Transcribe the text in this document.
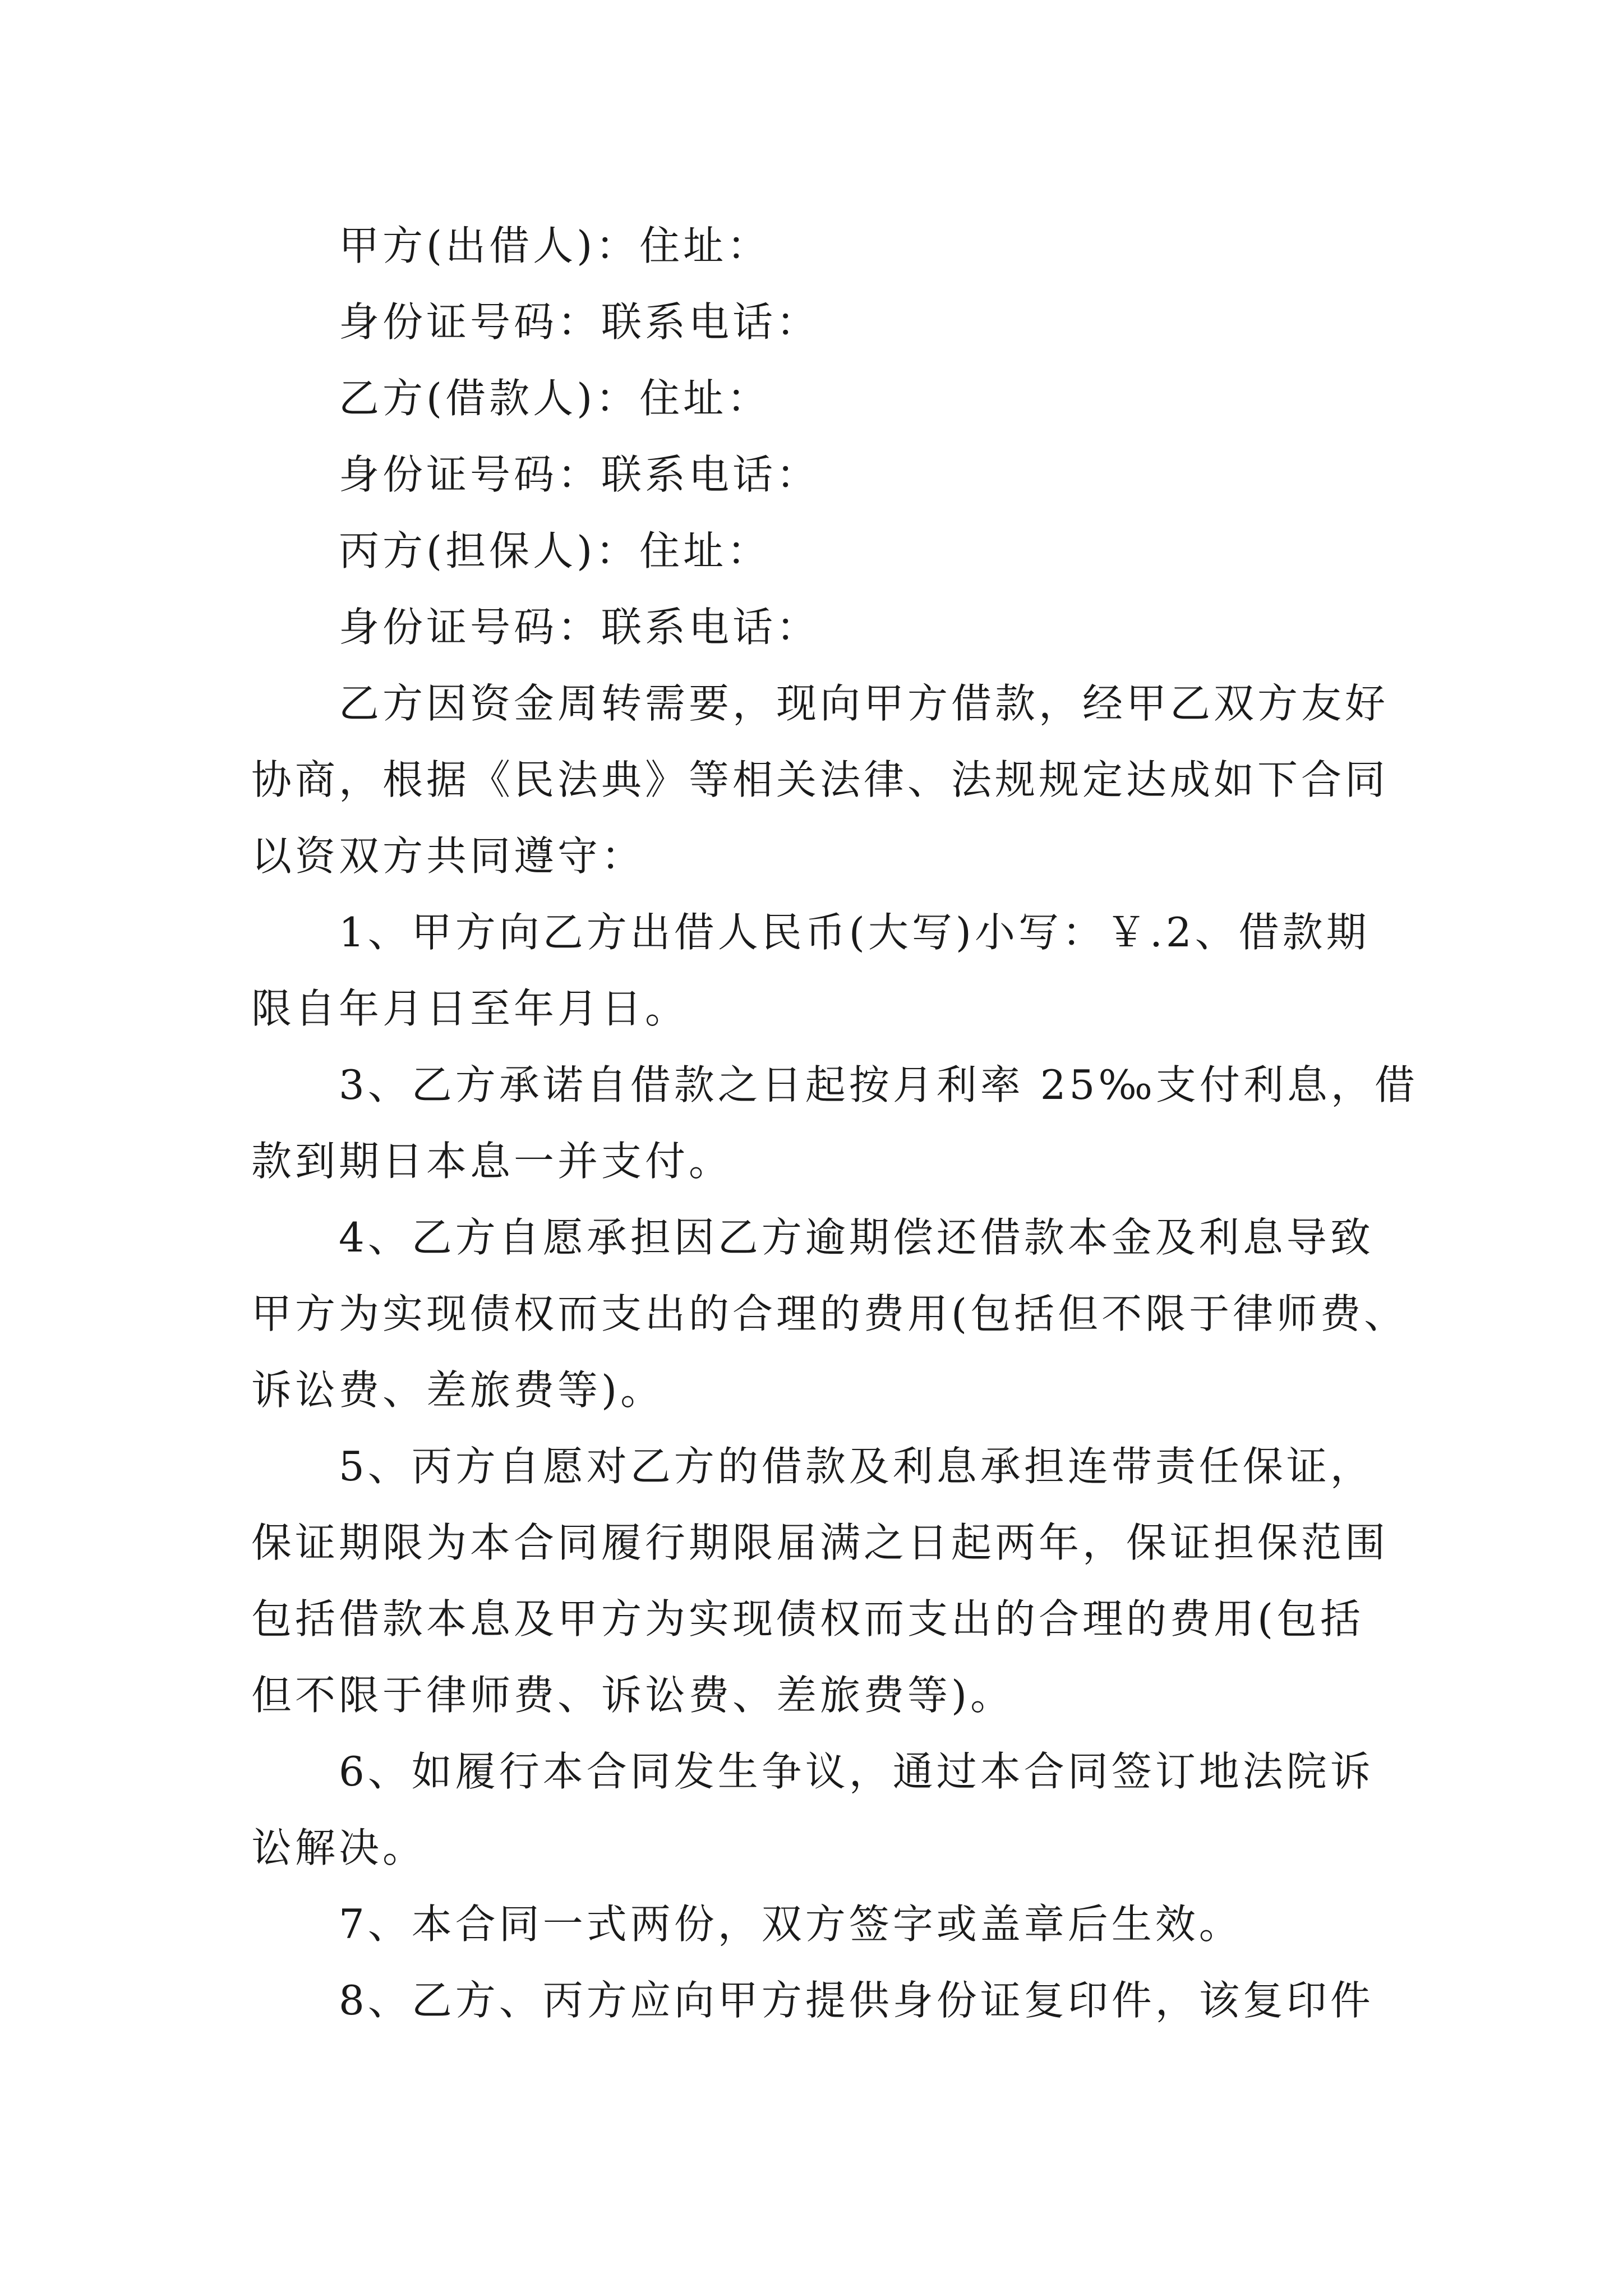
甲方(出借人)：住址：

身份证号码：联系电话：

乙方(借款人)：住址：

身份证号码：联系电话：

丙方(担保人)：住址：

身份证号码：联系电话：

乙方因资金周转需要，现向甲方借款，经甲乙双方友好

协商，根据《民法典》等相关法律、法规规定达成如下合同

以资双方共同遵守：

1、甲方向乙方出借人民币(大写)小写：￥.2、借款期

限自年月日至年月日。

3、乙方承诺自借款之日起按月利率 25‰支付利息，借

款到期日本息一并支付。

4、乙方自愿承担因乙方逾期偿还借款本金及利息导致

甲方为实现债权而支出的合理的费用(包括但不限于律师费、

诉讼费、差旅费等)。

5、丙方自愿对乙方的借款及利息承担连带责任保证，

保证期限为本合同履行期限届满之日起两年，保证担保范围

包括借款本息及甲方为实现债权而支出的合理的费用(包括

但不限于律师费、诉讼费、差旅费等)。

6、如履行本合同发生争议，通过本合同签订地法院诉

讼解决。

7、本合同一式两份，双方签字或盖章后生效。

8、乙方、丙方应向甲方提供身份证复印件，该复印件
